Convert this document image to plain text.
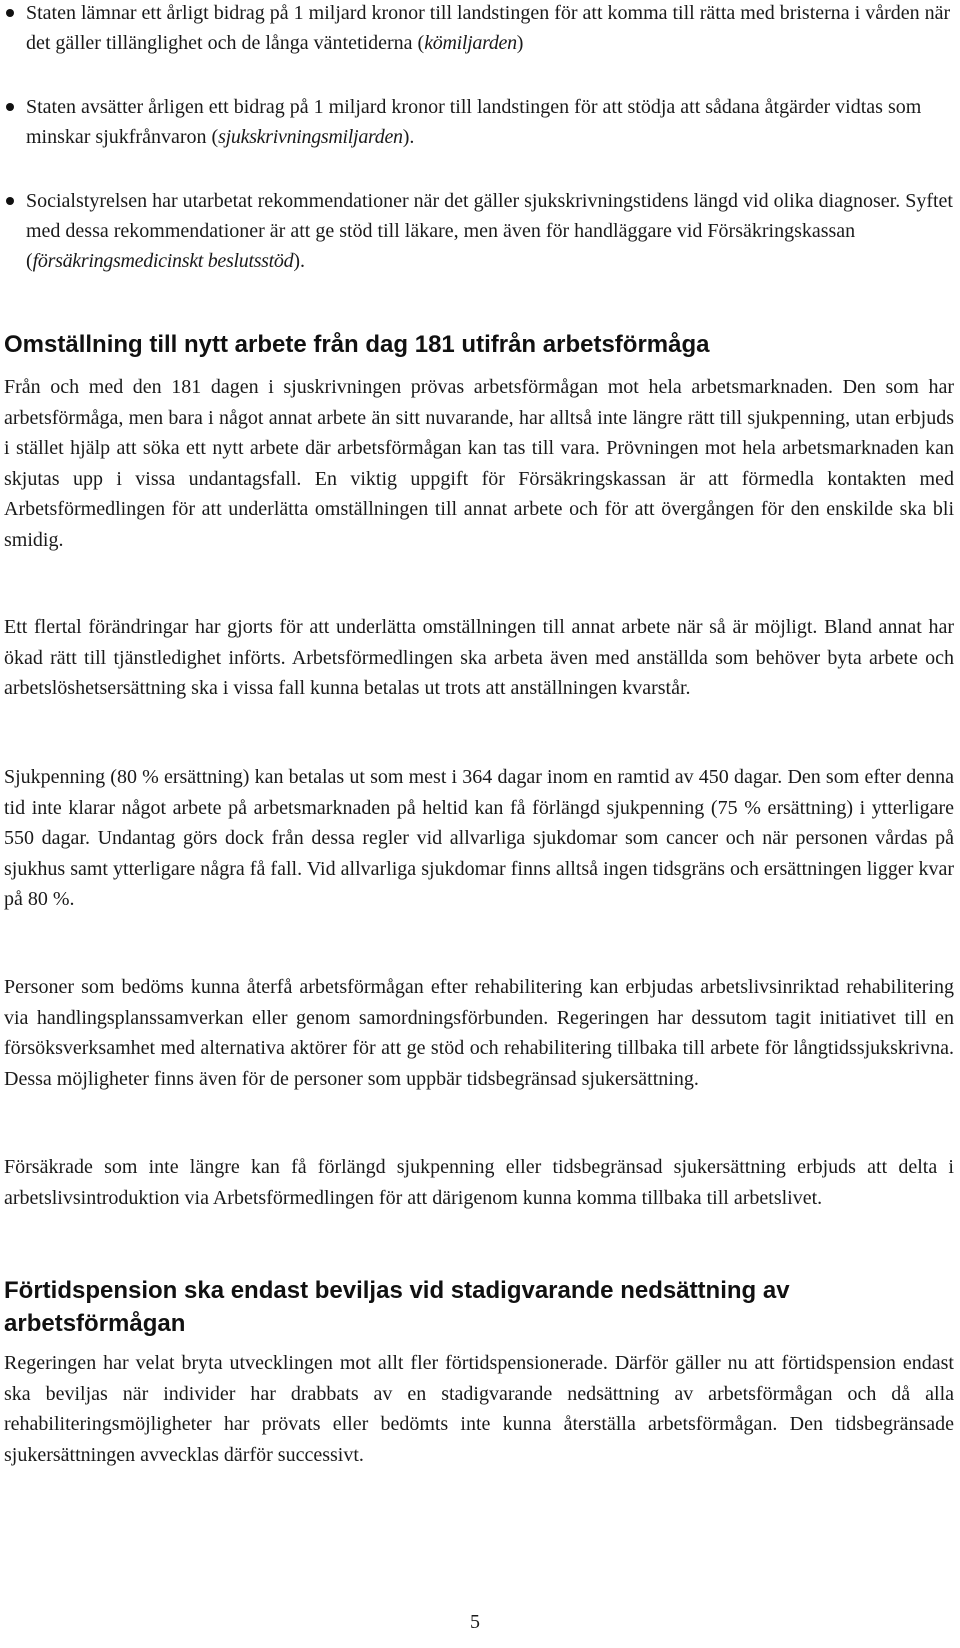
Staten lämnar ett årligt bidrag på 1 miljard kronor till landstingen för att komma till rätta med bristerna i vården när det gäller tillänglighet och de långa väntetiderna (kömiljarden)

Staten avsätter årligen ett bidrag på 1 miljard kronor till landstingen för att stödja att sådana åtgärder vidtas som minskar sjukfrånvaron (sjukskrivningsmiljarden).

Socialstyrelsen har utarbetat rekommendationer när det gäller sjukskrivningstidens längd vid olika diagnoser. Syftet med dessa rekommendationer är att ge stöd till läkare, men även för handläggare vid Försäkringskassan (försäkringsmedicinskt beslutsstöd).

Omställning till nytt arbete från dag 181 utifrån arbetsförmåga

Från och med den 181 dagen i sjuskrivningen prövas arbetsförmågan mot hela arbetsmarknaden. Den som har arbetsförmåga, men bara i något annat arbete än sitt nuvarande, har alltså inte längre rätt till sjukpenning, utan erbjuds i stället hjälp att söka ett nytt arbete där arbetsförmågan kan tas till vara. Prövningen mot hela arbetsmarknaden kan skjutas upp i vissa undantagsfall. En viktig uppgift för Försäkringskassan är att förmedla kontakten med Arbetsförmedlingen för att underlätta omställningen till annat arbete och för att övergången för den enskilde ska bli smidig.

Ett flertal förändringar har gjorts för att underlätta omställningen till annat arbete när så är möjligt. Bland annat har ökad rätt till tjänstledighet införts. Arbetsförmedlingen ska arbeta även med anställda som behöver byta arbete och arbetslöshetsersättning ska i vissa fall kunna betalas ut trots att anställningen kvarstår.

Sjukpenning (80 % ersättning) kan betalas ut som mest i 364 dagar inom en ramtid av 450 dagar. Den som efter denna tid inte klarar något arbete på arbetsmarknaden på heltid kan få förlängd sjukpenning (75 % ersättning) i ytterligare 550 dagar. Undantag görs dock från dessa regler vid allvarliga sjukdomar som cancer och när personen vårdas på sjukhus samt ytterligare några få fall. Vid allvarliga sjukdomar finns alltså ingen tidsgräns och ersättningen ligger kvar på 80 %.

Personer som bedöms kunna återfå arbetsförmågan efter rehabilitering kan erbjudas arbetslivsinriktad rehabilitering via handlingsplanssamverkan eller genom samordningsförbunden. Regeringen har dessutom tagit initiativet till en försöksverksamhet med alternativa aktörer för att ge stöd och rehabilitering tillbaka till arbete för långtidssjukskrivna. Dessa möjligheter finns även för de personer som uppbär tidsbegränsad sjukersättning.

Försäkrade som inte längre kan få förlängd sjukpenning eller tidsbegränsad sjukersättning erbjuds att delta i arbetslivsintroduktion via Arbetsförmedlingen för att därigenom kunna komma tillbaka till arbetslivet.

Förtidspension ska endast beviljas vid stadigvarande nedsättning av arbetsförmågan

Regeringen har velat bryta utvecklingen mot allt fler förtidspensionerade. Därför gäller nu att förtidspension endast ska beviljas när individer har drabbats av en stadigvarande nedsättning av arbetsförmågan och då alla rehabiliteringsmöjligheter har prövats eller bedömts inte kunna återställa arbetsförmågan. Den tidsbegränsade sjukersättningen avvecklas därför successivt.

5
